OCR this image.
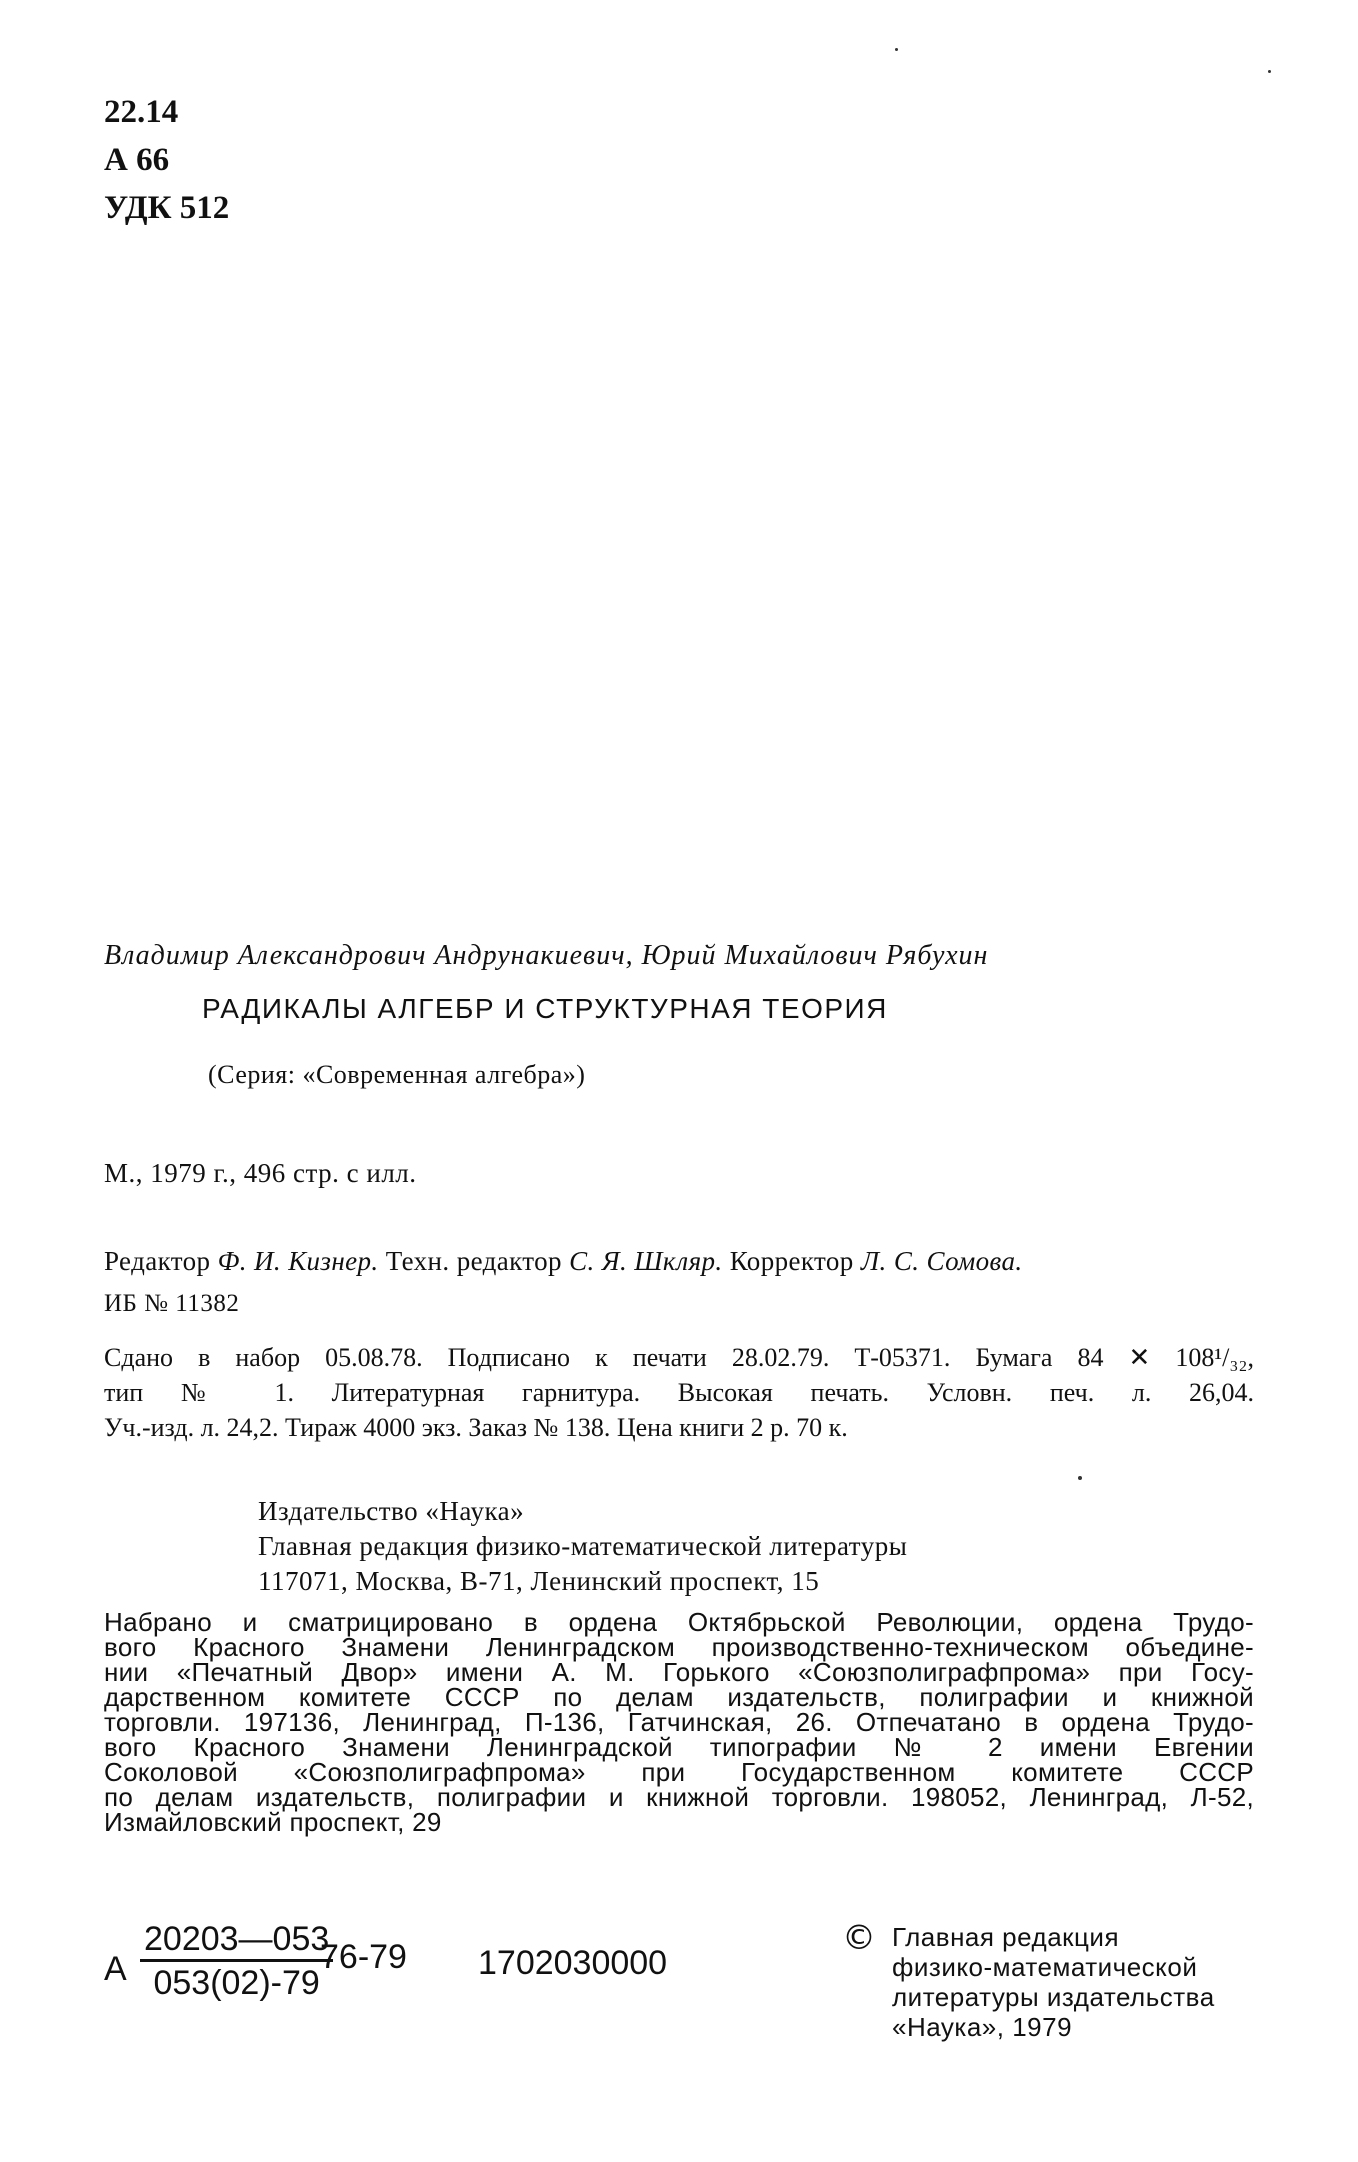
22.14
А 66
УДК 512
Владимир Александрович Андрунакиевич, Юрий Михайлович Рябухин
РАДИКАЛЫ АЛГЕБР И СТРУКТУРНАЯ ТЕОРИЯ
(Серия: «Современная алгебра»)
М., 1979 г., 496 стр. с илл.
Редактор Ф. И. Кизнер. Техн. редактор С. Я. Шкляр. Корректор Л. С. Сомова.
ИБ № 11382
Сдано в набор 05.08.78. Подписано к печати 28.02.79. Т-05371. Бумага 84 ✕ 108¹/₃₂,
тип № 1. Литературная гарнитура. Высокая печать. Условн. печ. л. 26,04.
Уч.-изд. л. 24,2. Тираж 4000 экз. Заказ № 138. Цена книги 2 р. 70 к.
Издательство «Наука»
Главная редакция физико-математической литературы
117071, Москва, В-71, Ленинский проспект, 15
Набрано и сматрицировано в ордена Октябрьской Революции, ордена Трудо-
вого Красного Знамени Ленинградском производственно-техническом объедине-
нии «Печатный Двор» имени А. М. Горького «Союзполиграфпрома» при Госу-
дарственном комитете СССР по делам издательств, полиграфии и книжной
торговли. 197136, Ленинград, П-136, Гатчинская, 26. Отпечатано в ордена Трудо-
вого Красного Знамени Ленинградской типографии № 2 имени Евгении
Соколовой «Союзполиграфпрома» при Государственном комитете СССР
по делам издательств, полиграфии и книжной торговли. 198052, Ленинград, Л-52,
Измайловский проспект, 29
А $\frac{20203—053}{053(02)-79}$
76-79 1702030000
© Главная редакция
физико-математической
литературы издательства
«Наука», 1979
